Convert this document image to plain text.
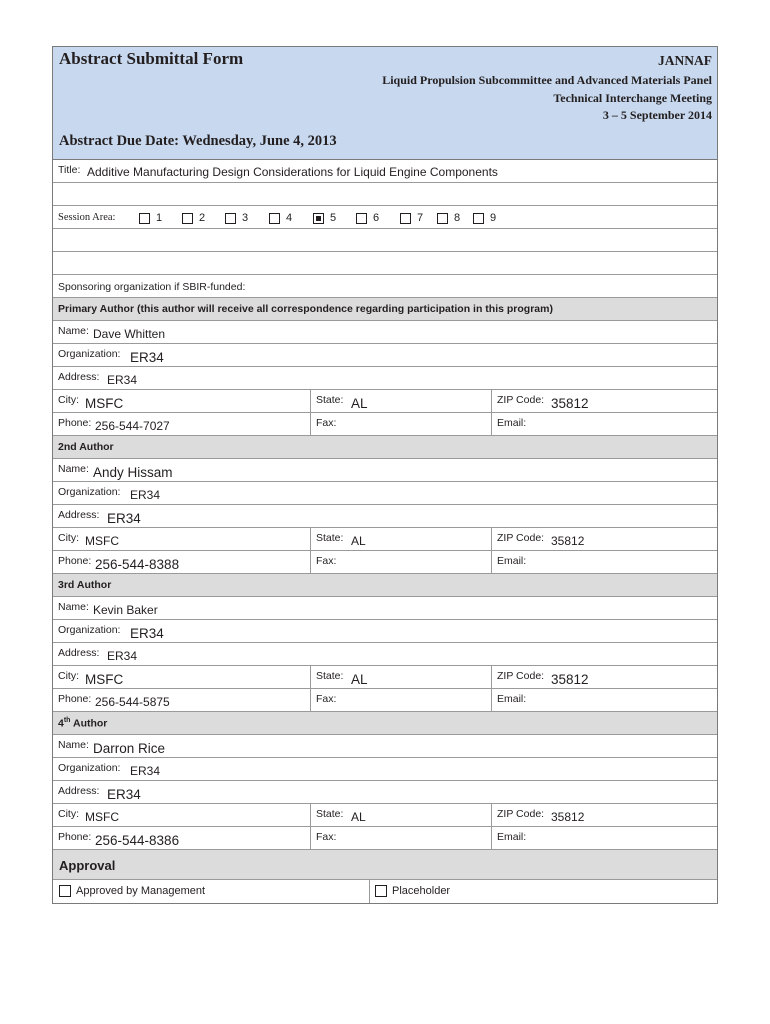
Abstract Submittal Form	JANNAF
Liquid Propulsion Subcommittee and Advanced Materials Panel
Technical Interchange Meeting
3 – 5 September 2014
Abstract Due Date: Wednesday, June 4, 2013
Title: Additive Manufacturing Design Considerations for Liquid Engine Components
Session Area:	1	2	3	4	5	6	7	8	9
Sponsoring organization if SBIR-funded:
Primary Author (this author will receive all correspondence regarding participation in this program)
Name: Dave Whitten
Organization: ER34
Address: ER34
City: MSFC	State: AL	ZIP Code: 35812
Phone: 256-544-7027	Fax:	Email:
2nd Author
Name: Andy Hissam
Organization: ER34
Address: ER34
City: MSFC	State: AL	ZIP Code: 35812
Phone: 256-544-8388	Fax:	Email:
3rd Author
Name: Kevin Baker
Organization: ER34
Address: ER34
City: MSFC	State: AL	ZIP Code: 35812
Phone: 256-544-5875	Fax:	Email:
4th Author
Name: Darron Rice
Organization: ER34
Address: ER34
City: MSFC	State: AL	ZIP Code: 35812
Phone: 256-544-8386	Fax:	Email:
Approval
Approved by Management	Placeholder
